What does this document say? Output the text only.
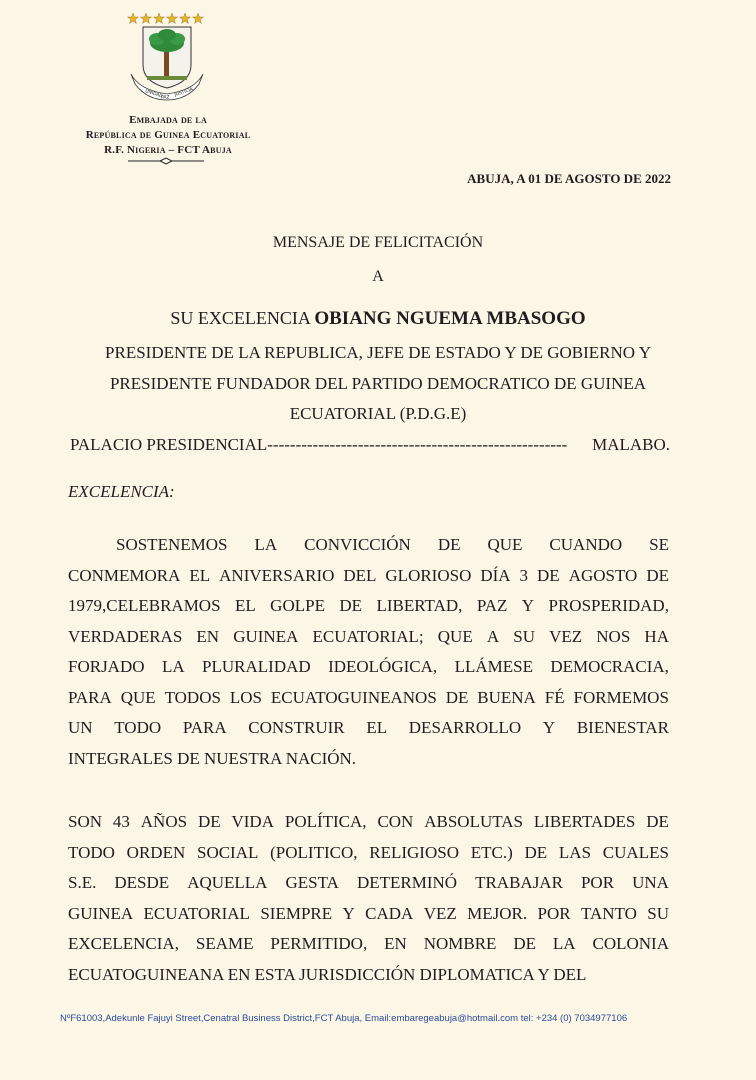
UNIDAD
PAZ
JUSTICIA
Embajada de la
República de Guinea Ecuatorial
R.F. Nigeria – FCT Abuja
ABUJA, A 01 DE AGOSTO DE 2022
MENSAJE DE FELICITACIÓN
A
SU EXCELENCIA OBIANG NGUEMA MBASOGO
PRESIDENTE DE LA REPUBLICA, JEFE DE ESTADO Y DE GOBIERNO Y
PRESIDENTE FUNDADOR DEL PARTIDO DEMOCRATICO DE GUINEA
ECUATORIAL (P.D.G.E)
PALACIO PRESIDENCIAL -----------------------------------------------------	MALABO.
EXCELENCIA:
SOSTENEMOS LA CONVICCIÓN DE QUE CUANDO SE
CONMEMORA EL ANIVERSARIO DEL GLORIOSO DÍA 3 DE AGOSTO DE
1979,CELEBRAMOS EL GOLPE DE LIBERTAD, PAZ Y PROSPERIDAD,
VERDADERAS EN GUINEA ECUATORIAL; QUE A SU VEZ NOS HA
FORJADO LA PLURALIDAD IDEOLÓGICA, LLÁMESE DEMOCRACIA,
PARA QUE TODOS LOS ECUATOGUINEANOS DE BUENA FÉ FORMEMOS
UN TODO PARA CONSTRUIR EL DESARROLLO Y BIENESTAR
INTEGRALES DE NUESTRA NACIÓN.
SON 43 AÑOS DE VIDA POLÍTICA, CON ABSOLUTAS LIBERTADES DE
TODO ORDEN SOCIAL (POLITICO, RELIGIOSO ETC.) DE LAS CUALES
S.E. DESDE AQUELLA GESTA DETERMINÓ TRABAJAR POR UNA
GUINEA ECUATORIAL SIEMPRE Y CADA VEZ MEJOR. POR TANTO SU
EXCELENCIA, SEAME PERMITIDO, EN NOMBRE DE LA COLONIA
ECUATOGUINEANA EN ESTA JURISDICCIÓN DIPLOMATICA Y DEL
NºF61003,Adekunle Fajuyi Street,Cenatral Business District,FCT Abuja, Email:embaregeabuja@hotmail.com tel: +234 (0) 7034977106
